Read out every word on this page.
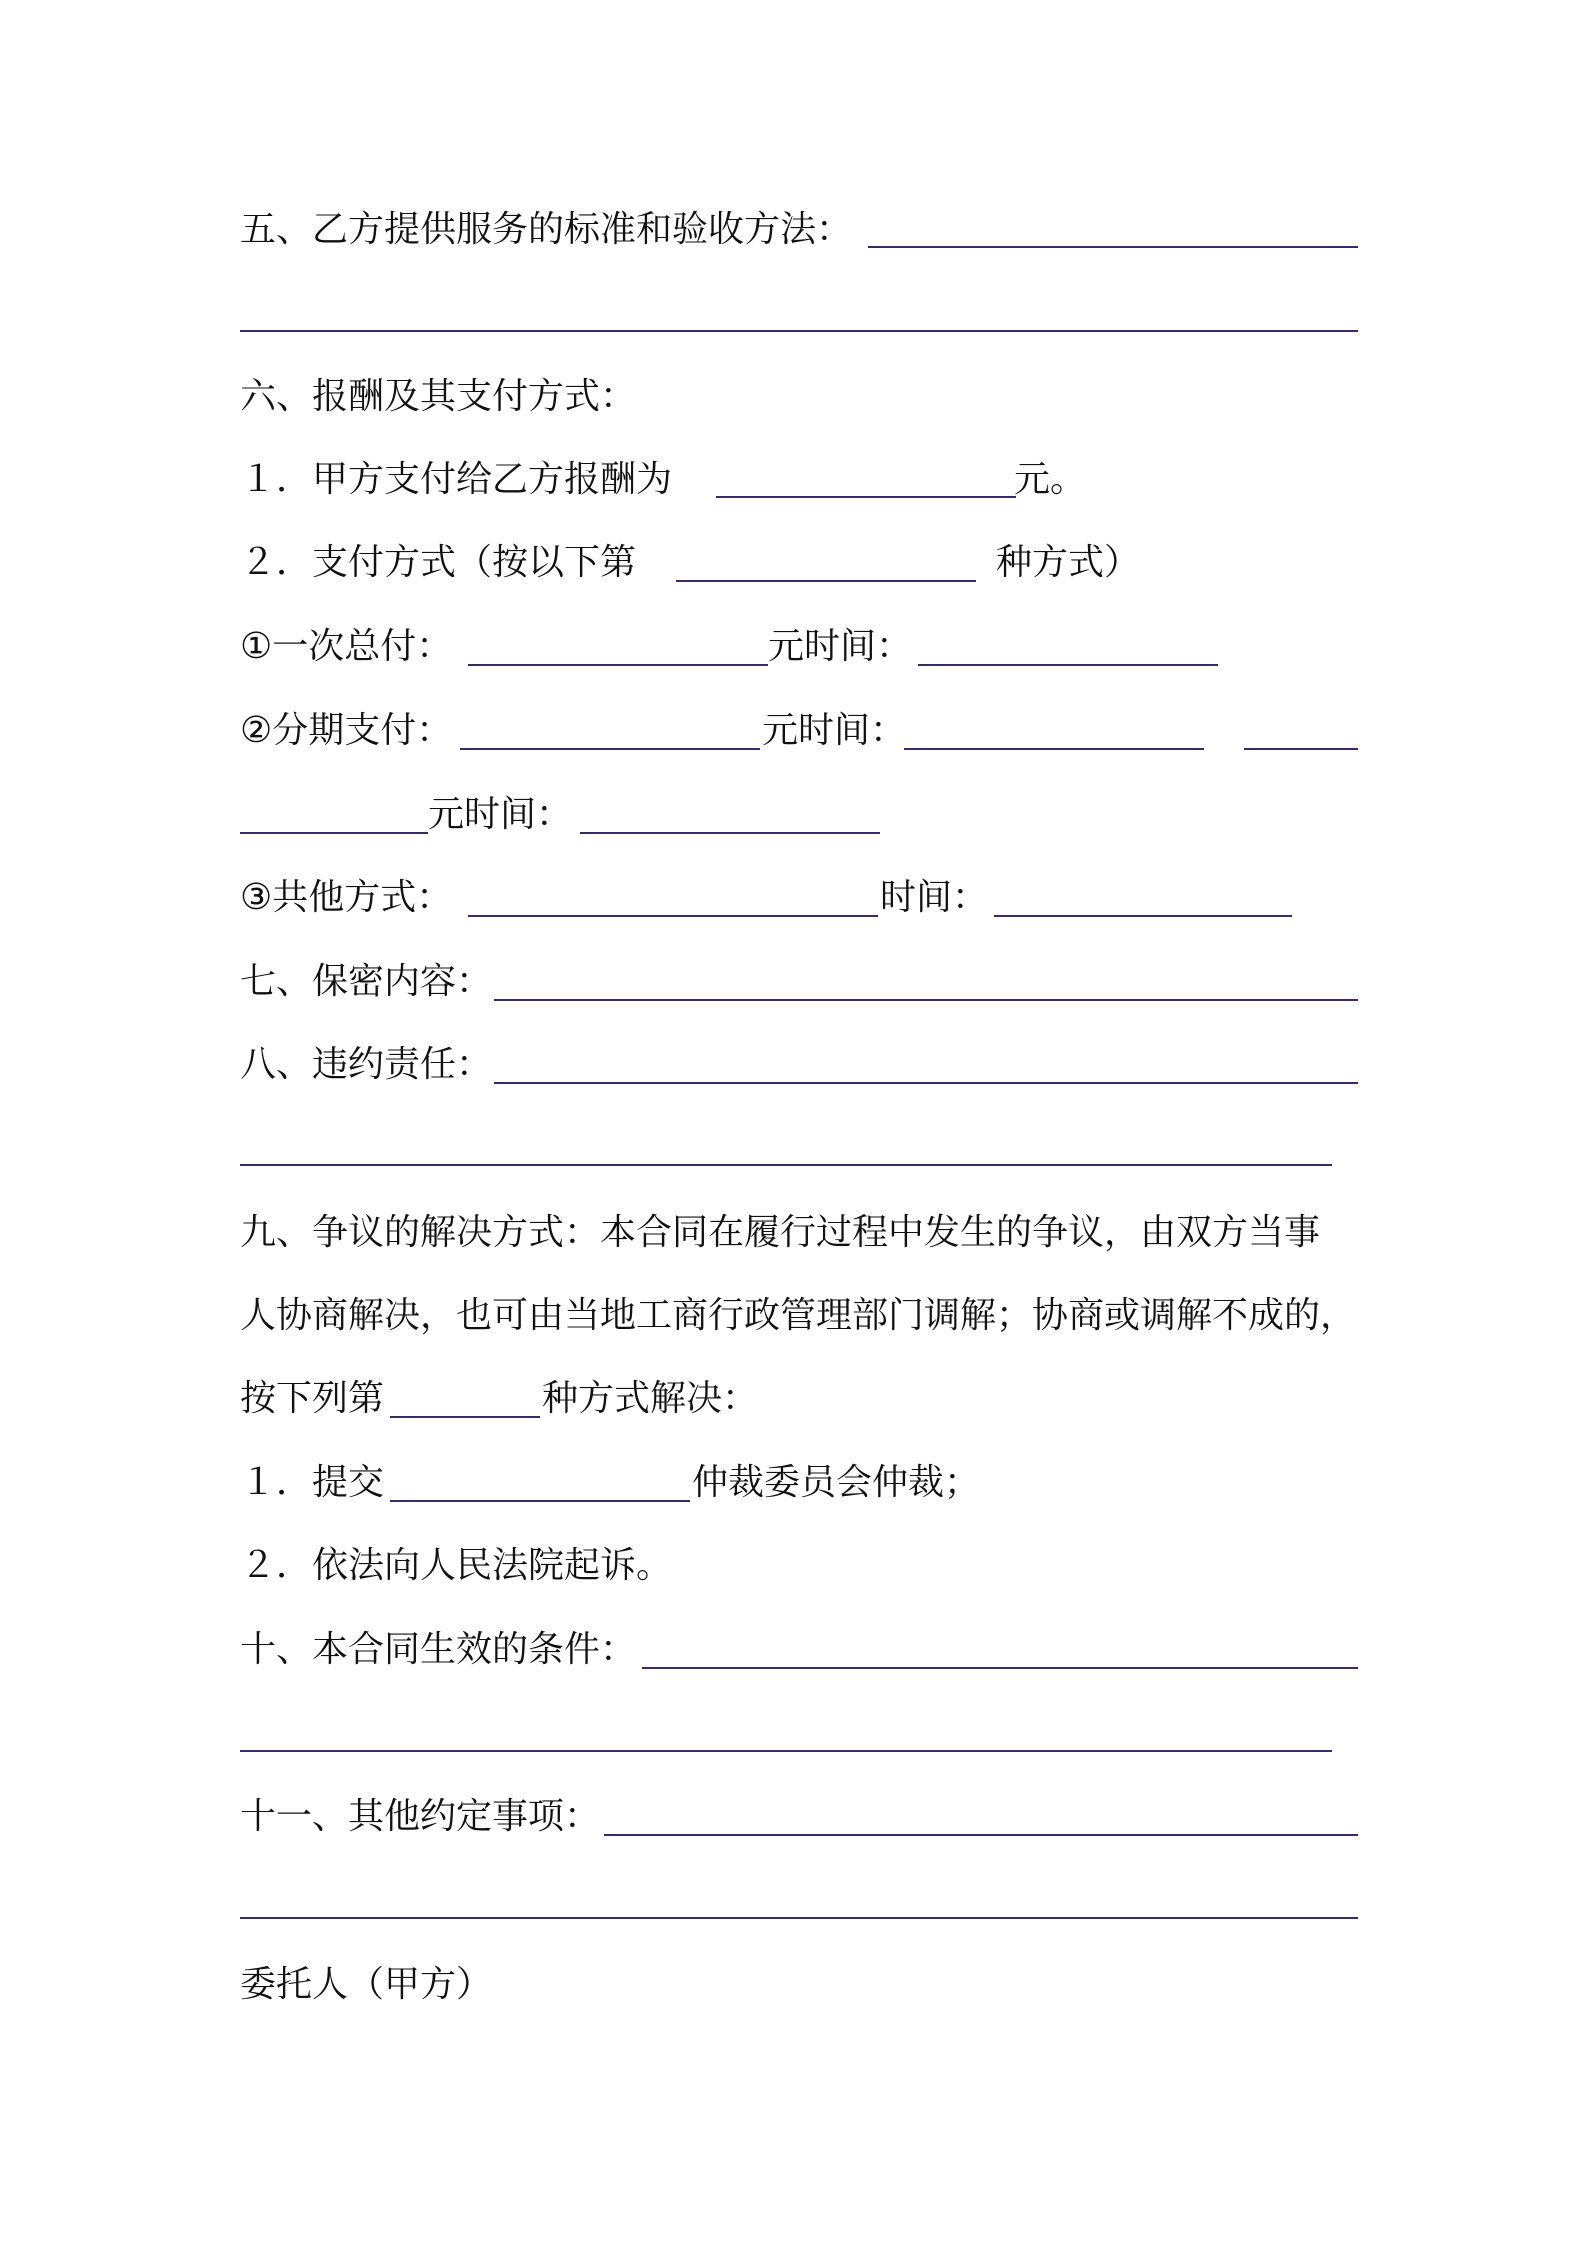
五、乙方提供服务的标准和验收方法：
六、报酬及其支付方式：
１．甲方支付给乙方报酬为	元。
２．支付方式（按以下第	种方式）
①一次总付：	元时间：
②分期支付：	元时间：
元时间：
③共他方式：	时间：
七、保密内容：
八、违约责任：
九、争议的解决方式：本合同在履行过程中发生的争议，由双方当事
人协商解决，也可由当地工商行政管理部门调解；协商或调解不成的，
按下列第	种方式解决：
１．提交	仲裁委员会仲裁；
２．依法向人民法院起诉。
十、本合同生效的条件：
十一、其他约定事项：
委托人（甲方）
